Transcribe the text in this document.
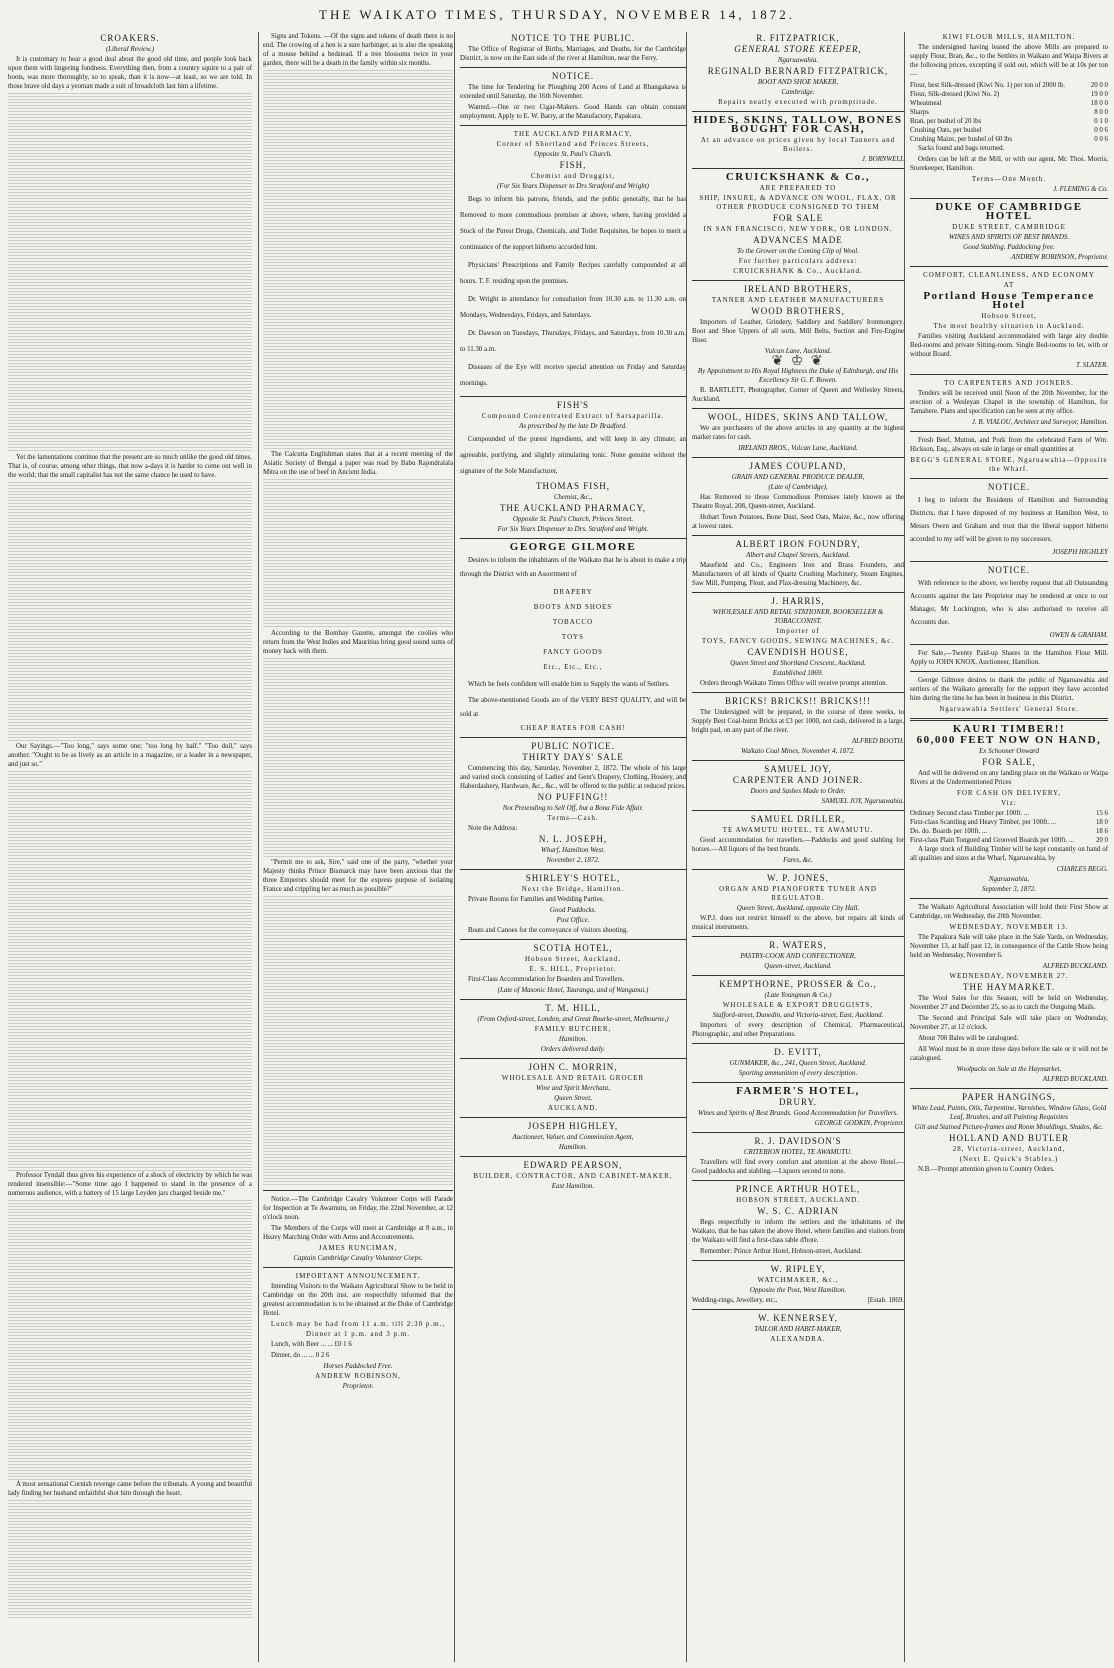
THE WAIKATO TIMES, THURSDAY, NOVEMBER 14, 1872.
CROAKERS.
(Liberal Review.)
It is customary to hear a good deal about the good old time, and people look back upon them with lingering fondness. Everything then, from a country squire to a pair of boots, was more thoroughly, so to speak, than it is now—at least, so we are told. In those brave old days a yeoman made a suit of broadcloth last him a lifetime.
Yet the lamentations continue that the present are so much unlike the good old times. That is, of course, among other things, that now a-days it is harder to come out well in the world; that the small capitalist has not the same chance he used to have.
Our Sayings.—"Too long," says some one; "too long by half." "Too dull," says another. "Ought to be as lively as an article in a magazine, or a leader in a newspaper, and just so."
Professor Tyndall thus gives his experience of a shock of electricity by which he was rendered insensible:—"Some time ago I happened to stand in the presence of a numerous audience, with a battery of 15 large Leyden jars charged beside me."
A most sensational Cornish revenge came before the tribunals. A young and beautiful lady finding her husband unfaithful shot him through the heart.
Signs and Tokens. —Of the signs and tokens of death there is no end. The crowing of a hen is a sure harbinger, as is also the speaking of a mouse behind a bedstead. If a tree blossoms twice in your garden, there will be a death in the family within six months.
The Calcutta Englishman states that at a recent meeting of the Asiatic Society of Bengal a paper was read by Babu Rajendralala Mitra on the use of beef in Ancient India.
According to the Bombay Gazette, amongst the coolies who return from the West Indies and Mauritius bring good sound sums of money back with them.
"Permit me to ask, Sire," said one of the party, "whether your Majesty thinks Prince Bismarck may have been anxious that the three Emperors should meet for the express purpose of isolating France and crippling her as much as possible?"
Notice.—The Cambridge Cavalry Volunteer Corps will Parade for Inspection at Te Awamutu, on Friday, the 22nd November, at 12 o'clock noon.
The Members of the Corps will meet at Cambridge at 8 a.m., in Heavy Marching Order with Arms and Accoutrements.
JAMES RUNCIMAN,
Captain Cambridge Cavalry Volunteer Corps.
IMPORTANT ANNOUNCEMENT.
Intending Visitors to the Waikato Agricultural Show to be held in Cambridge on the 20th inst. are respectfully informed that the greatest accommodation is to be obtained at the Duke of Cambridge Hotel.
Lunch may be had from 11 a.m. till 2:30 p.m.,
Dinner at 1 p.m. and 3 p.m.
Lunch, with Beer ... ... £0 1 6
Dinner, do ... ... 0 2 6
Horses Paddocked Free.
ANDREW ROBINSON,
Proprietor.
NOTICE TO THE PUBLIC.
The Office of Registrar of Births, Marriages, and Deaths, for the Cambridge District, is now on the East side of the river at Hamilton, near the Ferry.
NOTICE.
The time for Tendering for Ploughing 200 Acres of Land at Rhangakawa is extended until Saturday, the 16th November.
Wanted,—One or two Cigar-Makers. Good Hands can obtain constant employment. Apply to E. W. Barry, at the Manufactory, Papakura.
THE AUCKLAND PHARMACY,
Corner of Shortland and Princes Streets,
Opposite St. Paul's Church.
FISH,
Chemist and Druggist,
(For Six Years Dispenser to Drs Stratford and Wright)
Begs to inform his patrons, friends, and the public generally, that he has Removed to more commodious premises at above, where, having provided a Stock of the Purest Drugs, Chemicals, and Toilet Requisites, he hopes to merit a continuance of the support hitherto accorded him.
Physicians' Prescriptions and Family Recipes carefully compounded at all hours. T. F. residing upon the premises.
Dr. Wright in attendance for consultation from 10.30 a.m. to 11.30 a.m. on Mondays, Wednesdays, Fridays, and Saturdays.
Dr. Dawson on Tuesdays, Thursdays, Fridays, and Saturdays, from 10.30 a.m. to 11.30 a.m.
Diseases of the Eye will receive special attention on Friday and Saturday mornings.
FISH'S
Compound Concentrated Extract of Sarsaparilla.
As prescribed by the late Dr Bradford.
Compounded of the purest ingredients, and will keep in any climate; an agreeable, purifying, and slightly stimulating tonic. None genuine without the signature of the Sole Manufacturer,
THOMAS FISH,
Chemist, &c.,
THE AUCKLAND PHARMACY,
Opposite St. Paul's Church, Princes Street.
For Six Years Dispenser to Drs. Stratford and Wright.
GEORGE GILMORE
Desires to inform the inhabitants of the Waikato that he is about to make a trip through the District with an Assortment of
DRAPERY
BOOTS AND SHOES
TOBACCO
TOYS
FANCY GOODS
Etc., Etc., Etc.,
Which he feels confident will enable him to Supply the wants of Settlers.
The above-mentioned Goods are of the VERY BEST QUALITY, and will be sold at
CHEAP RATES FOR CASH!
PUBLIC NOTICE.
THIRTY DAYS' SALE
Commencing this day, Saturday, November 2, 1872. The whole of his large and varied stock consisting of Ladies' and Gent's Drapery, Clothing, Hosiery, and Haberdashery, Hardware, &c., &c., will be offered to the public at reduced prices.
NO PUFFING!!
Not Pretending to Sell Off, but a Bona Fide Affair.
Terms—Cash.
Note the Address:
N. L. JOSEPH,
Wharf, Hamilton West.
November 2, 1872.
SHIRLEY'S HOTEL,
Next the Bridge, Hamilton.
Private Rooms for Families and Wedding Parties.
Good Paddocks.
Post Office.
Boats and Canoes for the conveyance of visitors shooting.
SCOTIA HOTEL,
Hobson Street, Auckland,
E. S. HILL, Proprietor.
First-Class Accommodation for Boarders and Travellers.
(Late of Masonic Hotel, Tauranga, and of Wanganui.)
T. M. HILL,
(From Oxford-street, London, and Great Bourke-street, Melbourne,)
FAMILY BUTCHER,
Hamilton.
Orders delivered daily.
JOHN C. MORRIN,
WHOLESALE AND RETAIL GROCER
Wine and Spirit Merchant,
Queen Street,
AUCKLAND.
JOSEPH HIGHLEY,
Auctioneer, Valuer, and Commission Agent,
Hamilton.
EDWARD PEARSON,
BUILDER, CONTRACTOR, AND CABINET-MAKER,
East Hamilton.
R. FITZPATRICK,
GENERAL STORE KEEPER,
Ngaruawahia.
REGINALD BERNARD FITZPATRICK,
BOOT AND SHOE MAKER,
Cambridge.
Repairs neatly executed with promptitude.
HIDES, SKINS, TALLOW, BONES BOUGHT FOR CASH,
At an advance on prices given by local Tanners and Boilers.
J. BORNWELL
CRUICKSHANK & Co.,
ARE PREPARED TO
SHIP, INSURE, & ADVANCE ON WOOL, FLAX, OR OTHER PRODUCE CONSIGNED TO THEM
FOR SALE
IN SAN FRANCISCO, NEW YORK, OR LONDON.
ADVANCES MADE
To the Grower on the Coming Clip of Wool.
For further particulars address:
CRUICKSHANK & Co., Auckland.
IRELAND BROTHERS,
TANNER AND LEATHER MANUFACTURERS
WOOD BROTHERS,
Importers of Leather, Grindery, Saddlery and Saddlers' Ironmongery. Boot and Shoe Uppers of all sorts. Mill Belts, Suction and Fire-Engine Hose.
Vulcan Lane, Auckland.
❦ ♔ ❦
By Appointment to His Royal Highness the Duke of Edinburgh, and His Excellency Sir G. F. Bowen.
R. BARTLETT, Photographer, Corner of Queen and Wellesley Streets, Auckland.
WOOL, HIDES, SKINS AND TALLOW,
We are purchasers of the above articles in any quantity at the highest market rates for cash.
IRELAND BROS., Vulcan Lane, Auckland.
JAMES COUPLAND,
GRAIN AND GENERAL PRODUCE DEALER,
(Late of Cambridge),
Has Removed to those Commodious Premises lately known as the Theatre Royal, 208, Queen-street, Auckland.
Hobart Town Potatoes, Bone Dust, Seed Oats, Maize, &c., now offering at lowest rates.
ALBERT IRON FOUNDRY,
Albert and Chapel Streets, Auckland.
Masefield and Co., Engineers Iron and Brass Founders, and Manufacturers of all kinds of Quartz Crushing Machinery, Steam Engines, Saw Mill, Pumping, Flour, and Flax-dressing Machinery, &c.
J. HARRIS,
WHOLESALE AND RETAIL STATIONER, BOOKSELLER & TOBACCONIST.
Importer of
TOYS, FANCY GOODS, SEWING MACHINES, &c.
CAVENDISH HOUSE,
Queen Street and Shortland Crescent, Auckland.
Established 1869.
Orders through Waikato Times Office will receive prompt attention.
BRICKS! BRICKS!! BRICKS!!!
The Undersigned will be prepared, in the course of three weeks, to Supply Best Coal-burnt Bricks at £3 per 1000, not cash, delivered in a large, bright pad, on any part of the river.
ALFRED BOOTH.
Waikato Coal Mines, November 4, 1872.
SAMUEL JOY,
CARPENTER AND JOINER.
Doors and Sashes Made to Order.
SAMUEL JOY, Ngaruawahia.
SAMUEL DRILLER,
TE AWAMUTU HOTEL, TE AWAMUTU.
Good accommodation for travellers.—Paddocks and good stabling for horses.—All liquors of the best brands.
Fares, &c.
W. P. JONES,
ORGAN AND PIANOFORTE TUNER AND REGULATOR.
Queen Street, Auckland, opposite City Hall.
W.P.J. does not restrict himself to the above, but repairs all kinds of musical instruments.
R. WATERS,
PASTRY-COOK AND CONFECTIONER,
Queen-street, Auckland.
KEMPTHORNE, PROSSER & Co.,
(Late Youngman & Co.)
WHOLESALE & EXPORT DRUGGISTS,
Stafford-street, Dunedin, and Victoria-street, East, Auckland.
Importers of every description of Chemical, Pharmaceutical, Photographic, and other Preparations.
D. EVITT,
GUNMAKER, &c., 241, Queen Street, Auckland.
Sporting ammunition of every description.
FARMER'S HOTEL,
DRURY.
Wines and Spirits of Best Brands. Good Accommodation for Travellers.
GEORGE GODKIN, Proprietor.
R. J. DAVIDSON'S
CRITERION HOTEL, TE AWAMUTU.
Travellers will find every comfort and attention at the above Hotel.—Good paddocks and stabling.—Liquors second to none.
PRINCE ARTHUR HOTEL,
HOBSON STREET, AUCKLAND.
W. S. C. ADRIAN
Begs respectfully to inform the settlers and the inhabitants of the Waikato, that he has taken the above Hotel, where families and visitors from the Waikato will find a first-class table d'hote.
Remember: Prince Arthur Hotel, Hobson-street, Auckland.
W. RIPLEY,
WATCHMAKER, &c.,
Opposite the Post, West Hamilton.
Wedding-rings, Jewellery, etc.,	[Estab. 1869.
W. KENNERSEY,
TAILOR AND HABIT-MAKER,
ALEXANDRA.
KIWI FLOUR MILLS, HAMILTON.
The undersigned having leased the above Mills are prepared to supply Flour, Bran, &c., to the Settlers in Waikato and Waipa Rivers at the following prices, excepting if sold out, which will be at 10s per ton—
Flour, best Silk-dressed (Kiwi No. 1) per ton of 2000 lb.	20 0 0
Flour, Silk-dressed (Kiwi No. 2)	19 0 0
Wheatmeal	18 0 0
Sharps	8 0 0
Bran, per bushel of 20 lbs	0 1 0
Crushing Oats, per bushel	0 0 6
Crushing Maize, per bushel of 60 lbs	0 0 6
Sacks found and bags returned.
Orders can be left at the Mill, or with our agent, Mr. Thos. Morris, Storekeeper, Hamilton.
Terms—One Month.
J. FLEMING & Co.
DUKE OF CAMBRIDGE HOTEL
DUKE STREET, CAMBRIDGE
WINES AND SPIRITS OF BEST BRANDS.
Good Stabling. Paddocking free.
ANDREW ROBINSON, Proprietor.
COMFORT, CLEANLINESS, AND ECONOMY
AT
Portland House Temperance Hotel
Hobson Street,
The most healthy situation in Auckland.
Families visiting Auckland accommodated with large airy double Bed-rooms and private Sitting-room. Single Bed-rooms to let, with or without Board.
T. SLATER.
TO CARPENTERS AND JOINERS.
Tenders will be received until Noon of the 20th November, for the erection of a Wesleyan Chapel in the township of Hamilton, for Tamahere. Plans and specification can be seen at my office.
J. B. VIALOU, Architect and Surveyor, Hamilton.
Fresh Beef, Mutton, and Pork from the celebrated Farm of Wm. Hickson, Esq., always on sale in large or small quantities at
BEGG'S GENERAL STORE, Ngaruawahia—Opposite the Wharf.
NOTICE.
I beg to inform the Residents of Hamilton and Surrounding Districts, that I have disposed of my business at Hamilton West, to Messrs Owen and Graham and trust that the liberal support hitherto accorded to my self will be given to my successors.
JOSEPH HIGHLEY
NOTICE.
With reference to the above, we hereby request that all Outstanding Accounts against the late Proprietor may be rendered at once to our Manager, Mr Lockington, who is also authorised to receive all Accounts due.
OWEN & GRAHAM.
For Sale,—Twenty Paid-up Shares in the Hamilton Flour Mill. Apply to JOHN KNOX, Auctioneer, Hamilton.
George Gilmore desires to thank the public of Ngaruawahia and settlers of the Waikato generally for the support they have accorded him during the time he has been in business in this District.
Ngaruawahia Settlers' General Store.
KAURI TIMBER!!
60,000 FEET NOW ON HAND,
Ex Schooner Onward
FOR SALE,
And will be delivered on any landing place on the Waikato or Waipa Rivers at the Undermentioned Prices
FOR CASH ON DELIVERY,
Viz:
Ordinary Second class Timber per 100ft. ...	15 6
First-class Scantling and Heavy Timber, per 100ft. ...	18 0
Do. do. Boards per 100ft. ...	18 6
First-class Plain Tongued and Grooved Boards per 100ft. ...	20 0
A large stock of Building Timber will be kept constantly on hand of all qualities and sizes at the Wharf, Ngaruawahia, by
CHARLES BEGG.
Ngaruawahia,
September 3, 1872.
The Waikato Agricultural Association will hold their First Show at Cambridge, on Wednesday, the 20th November.
WEDNESDAY, NOVEMBER 13.
The Papakura Sale will take place in the Sale Yards, on Wednesday, November 13, at half past 12, in consequence of the Cattle Show being held on Wednesday, November 6.
ALFRED BUCKLAND.
WEDNESDAY, NOVEMBER 27.
THE HAYMARKET.
The Wool Sales for this Season, will be held on Wednesday, November 27 and December 25, so as to catch the Outgoing Mails.
The Second and Principal Sale will take place on Wednesday, November 27, at 12 o'clock.
About 700 Bales will be catalogued.
All Wool must be in store three days before the sale or it will not be catalogued.
Woolpacks on Sale at the Haymarket.
ALFRED BUCKLAND.
PAPER HANGINGS,
White Lead, Paints, Oils, Turpentine, Varnishes, Window Glass, Gold Leaf, Brushes, and all Painting Requisites
Gilt and Stained Picture-frames and Room Mouldings, Shades, &c.
HOLLAND AND BUTLER
28, Victoria-street, Auckland,
(Next E. Quick's Stables.)
N.B.—Prompt attention given to Country Orders.
